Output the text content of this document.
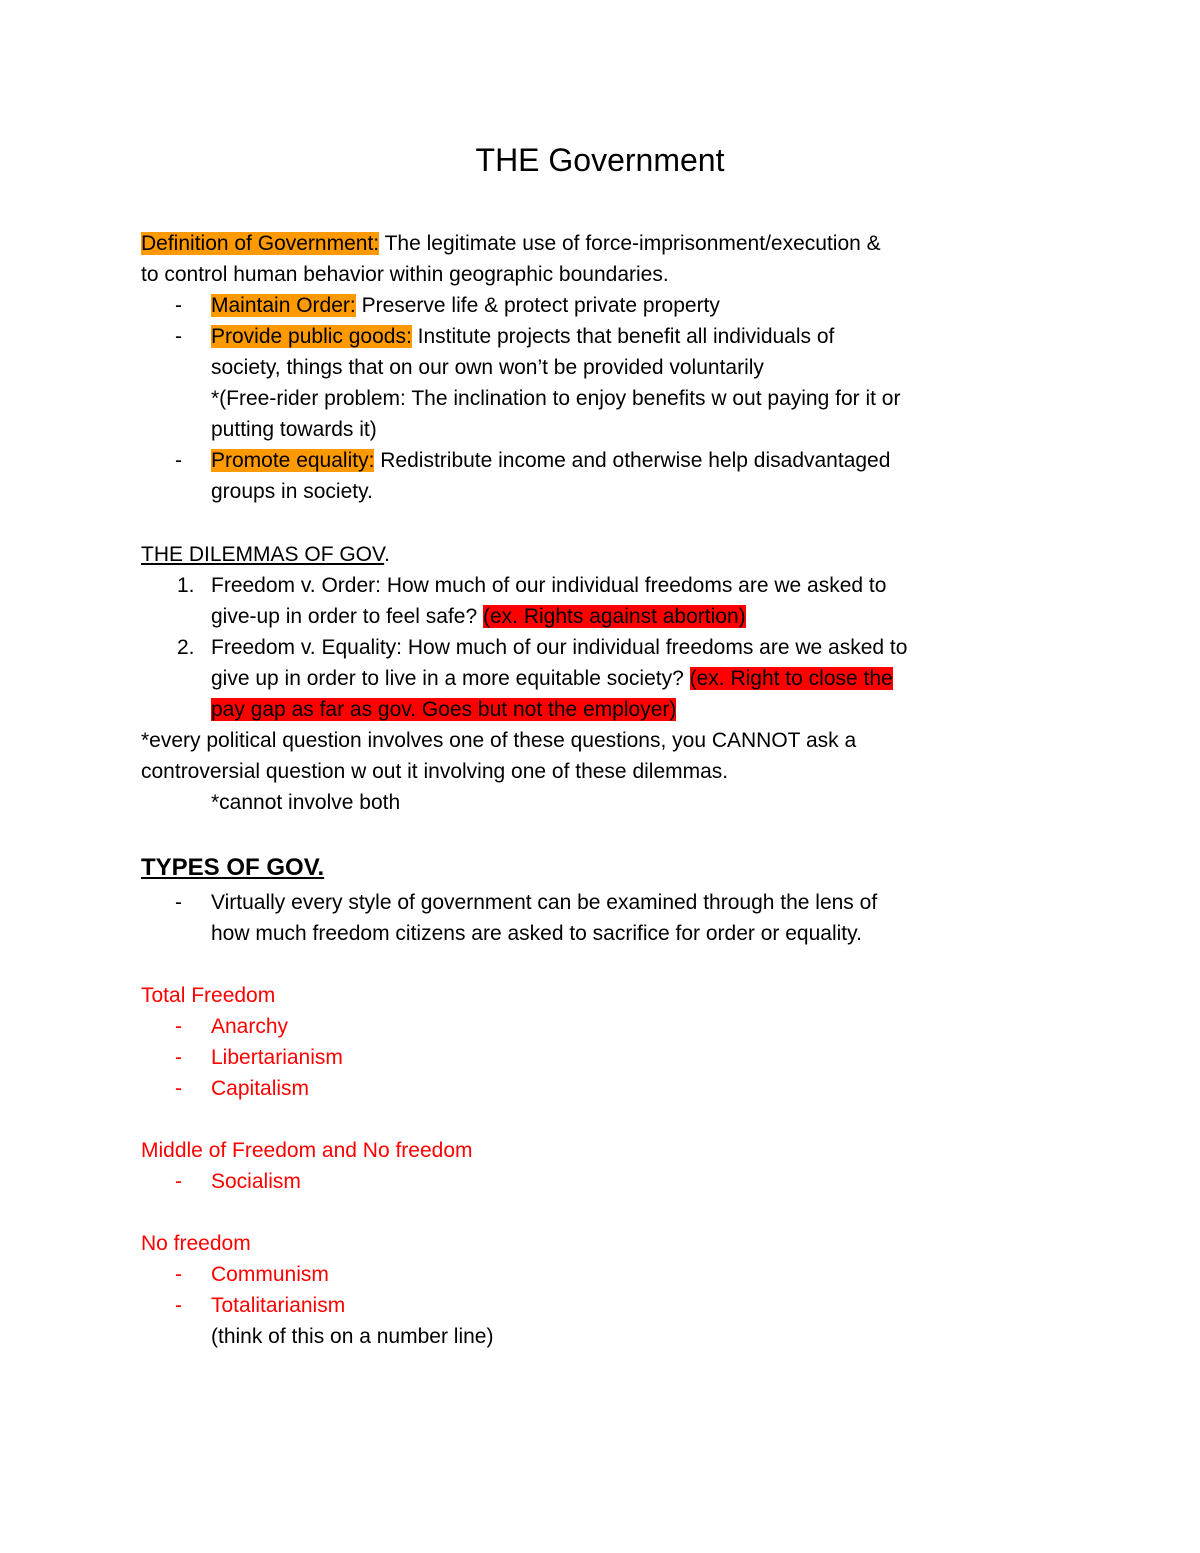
THE Government
Definition of Government: The legitimate use of force-imprisonment/execution &
to control human behavior within geographic boundaries.
- Maintain Order: Preserve life & protect private property
- Provide public goods: Institute projects that benefit all individuals of
society, things that on our own won’t be provided voluntarily
*(Free-rider problem: The inclination to enjoy benefits w out paying for it or
putting towards it)
- Promote equality: Redistribute income and otherwise help disadvantaged
groups in society.
THE DILEMMAS OF GOV.
1. Freedom v. Order: How much of our individual freedoms are we asked to
give-up in order to feel safe? (ex. Rights against abortion)
2. Freedom v. Equality: How much of our individual freedoms are we asked to
give up in order to live in a more equitable society? (ex. Right to close the
pay gap as far as gov. Goes but not the employer)
*every political question involves one of these questions, you CANNOT ask a
controversial question w out it involving one of these dilemmas.
*cannot involve both
TYPES OF GOV.
- Virtually every style of government can be examined through the lens of
how much freedom citizens are asked to sacrifice for order or equality.
Total Freedom
- Anarchy
- Libertarianism
- Capitalism
Middle of Freedom and No freedom
- Socialism
No freedom
- Communism
- Totalitarianism
(think of this on a number line)
